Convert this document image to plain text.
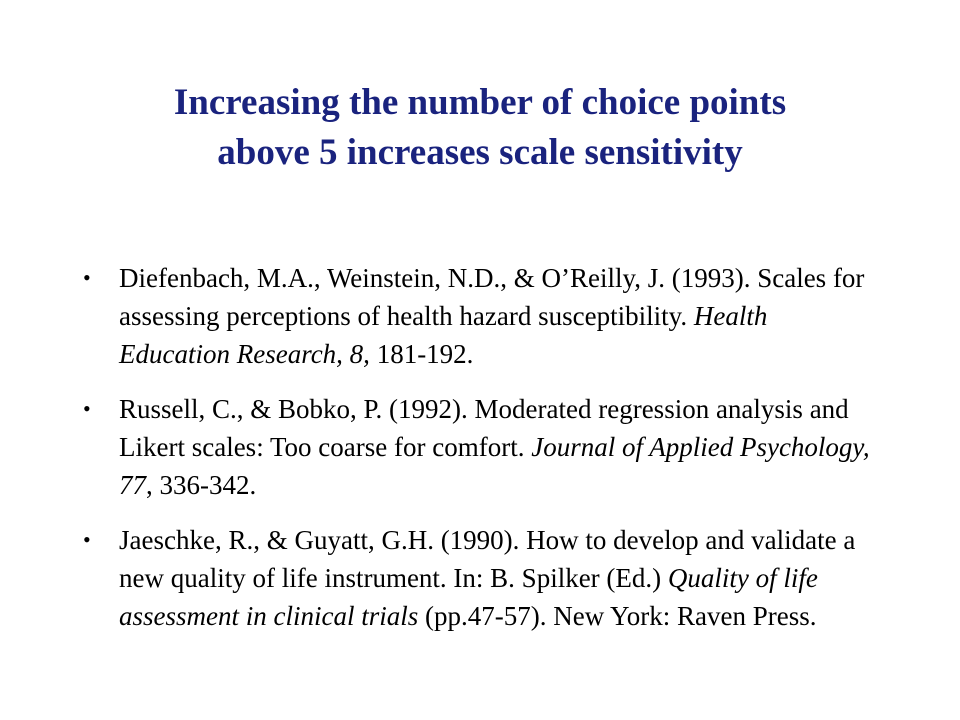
Increasing the number of choice points
above 5 increases scale sensitivity
• Diefenbach, M.A., Weinstein, N.D., & O’Reilly, J. (1993). Scales for assessing perceptions of health hazard susceptibility. Health Education Research, 8, 181-192.
• Russell, C., & Bobko, P. (1992). Moderated regression analysis and Likert scales: Too coarse for comfort. Journal of Applied Psychology, 77, 336-342.
• Jaeschke, R., & Guyatt, G.H. (1990). How to develop and validate a new quality of life instrument. In: B. Spilker (Ed.) Quality of life assessment in clinical trials (pp.47-57). New York: Raven Press.
